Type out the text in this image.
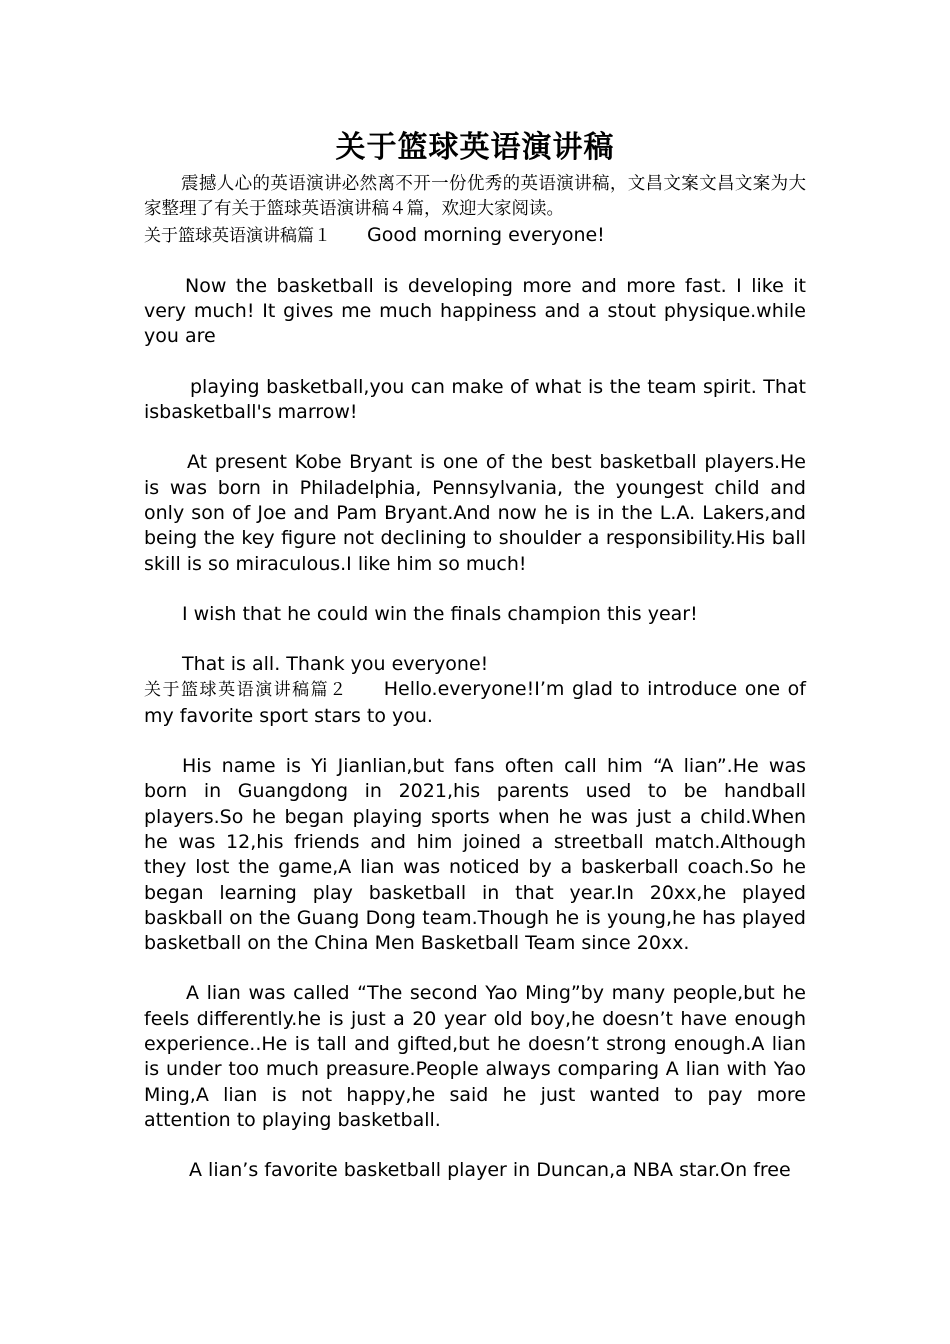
关于篮球英语演讲稿

震撼人心的英语演讲必然离不开一份优秀的英语演讲稿，文昌文案文昌文案为大家整理了有关于篮球英语演讲稿４篇，欢迎大家阅读。

关于篮球英语演讲稿篇１ Good morning everyone!

Now the basketball is developing more and more fast. I like it very much! It gives me much happiness and a stout physique.while you are

playing basketball,you can make of what is the team spirit. That isbasketball's marrow!

At present Kobe Bryant is one of the best basketball players.He is was born in Philadelphia, Pennsylvania, the youngest child and only son of Joe and Pam Bryant.And now he is in the L.A. Lakers,and being the key figure not declining to shoulder a responsibility.His ball skill is so miraculous.I like him so much!

I wish that he could win the finals champion this year!

That is all. Thank you everyone!

关于篮球英语演讲稿篇２ Hello.everyone!I’m glad to introduce one of my favorite sport stars to you.

His name is Yi Jianlian,but fans often call him “A lian”.He was born in Guangdong in 2021,his parents used to be handball players.So he began playing sports when he was just a child.When he was 12,his friends and him joined a streetball match.Although they lost the game,A lian was noticed by a baskerball coach.So he began learning play basketball in that year.In 20xx,he played baskball on the Guang Dong team.Though he is young,he has played basketball on the China Men Basketball Team since 20xx.

A lian was called “The second Yao Ming”by many people,but he feels differently.he is just a 20 year old boy,he doesn’t have enough experience..He is tall and gifted,but he doesn’t strong enough.A lian is under too much preasure.People always comparing A lian with Yao Ming,A lian is not happy,he said he just wanted to pay more attention to playing basketball.

A lian’s favorite basketball player in Duncan,a NBA star.On free
